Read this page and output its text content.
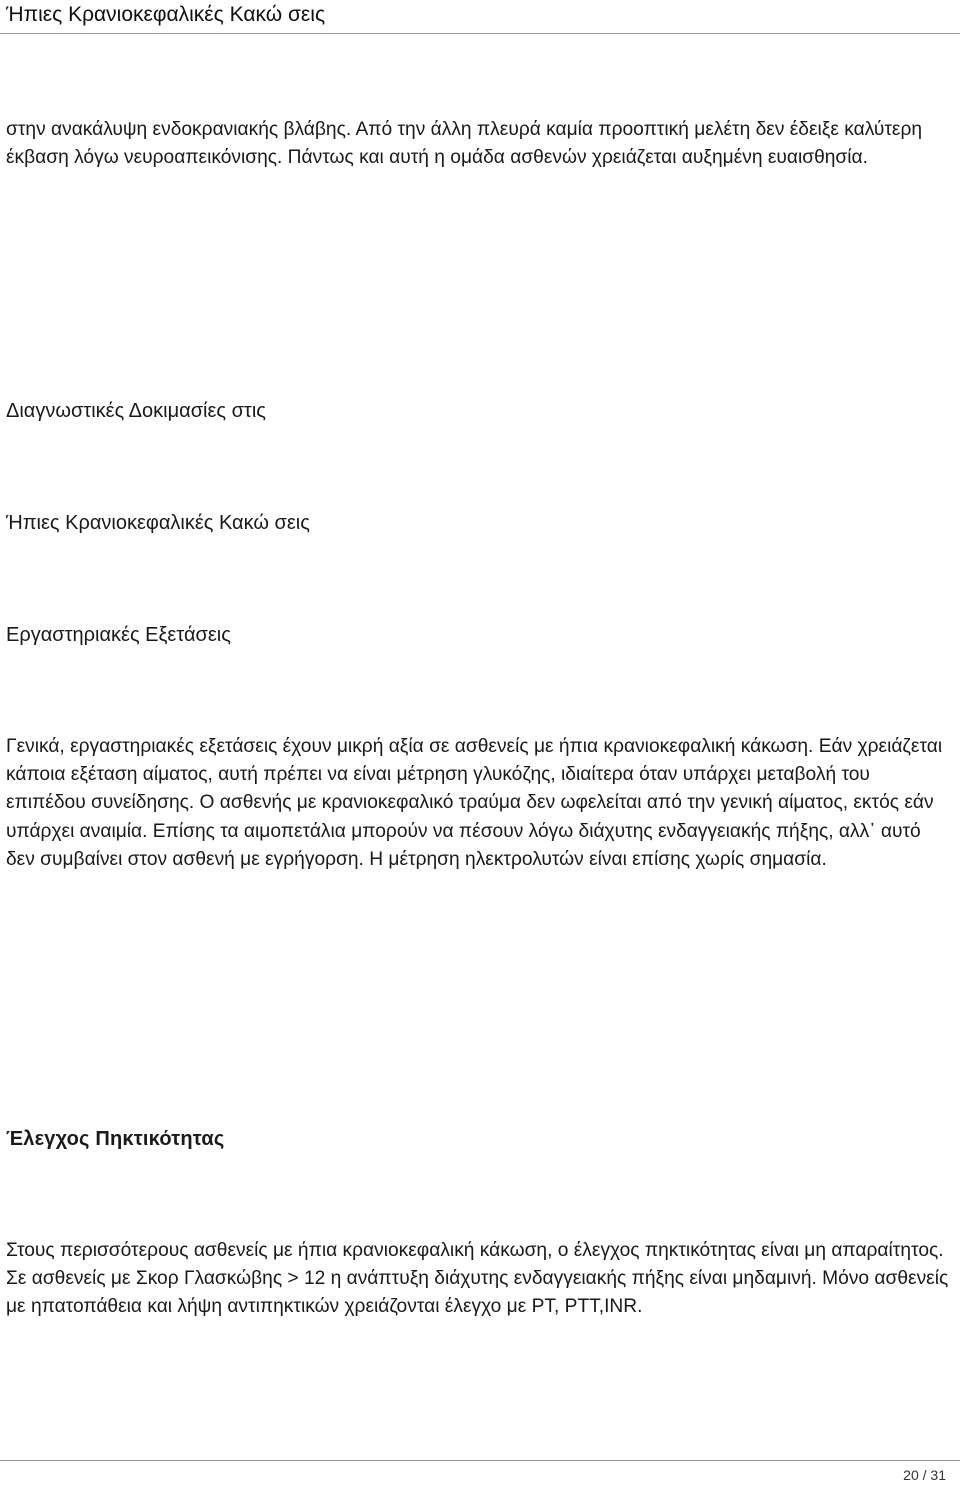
Ήπιες Κρανιοκεφαλικές Κακώ σεις

στην ανακάλυψη ενδοκρανιακής βλάβης. Από την άλλη πλευρά καμία προοπτική μελέτη δεν έδειξε καλύτερη έκβαση λόγω νευροαπεικόνισης. Πάντως και αυτή η ομάδα ασθενών χρειάζεται αυξημένη ευαισθησία.

Διαγνωστικές Δοκιμασίες στις
Ήπιες Κρανιοκεφαλικές Κακώ σεις
Εργαστηριακές Εξετάσεις

Γενικά, εργαστηριακές εξετάσεις έχουν μικρή αξία σε ασθενείς με ήπια κρανιοκεφαλική κάκωση. Εάν χρειάζεται κάποια εξέταση αίματος, αυτή πρέπει να είναι μέτρηση γλυκόζης, ιδιαίτερα όταν υπάρχει μεταβολή του επιπέδου συνείδησης. Ο ασθενής με κρανιοκεφαλικό τραύμα δεν ωφελείται από την γενική αίματος, εκτός εάν υπάρχει αναιμία. Επίσης τα αιμοπετάλια μπορούν να πέσουν λόγω διάχυτης ενδαγγειακής πήξης, αλλ᾽ αυτό δεν συμβαίνει στον ασθενή με εγρήγορση. Η μέτρηση ηλεκτρολυτών είναι επίσης χωρίς σημασία.

Έλεγχος Πηκτικότητας

Στους περισσότερους ασθενείς με ήπια κρανιοκεφαλική κάκωση, ο έλεγχος πηκτικότητας είναι μη απαραίτητος. Σε ασθενείς με Σκορ Γλασκώβης > 12 η ανάπτυξη διάχυτης ενδαγγειακής πήξης είναι μηδαμινή. Μόνο ασθενείς με ηπατοπάθεια και λήψη αντιπηκτικών χρειάζονται έλεγχο με PT, PTT,INR.

20 / 31
